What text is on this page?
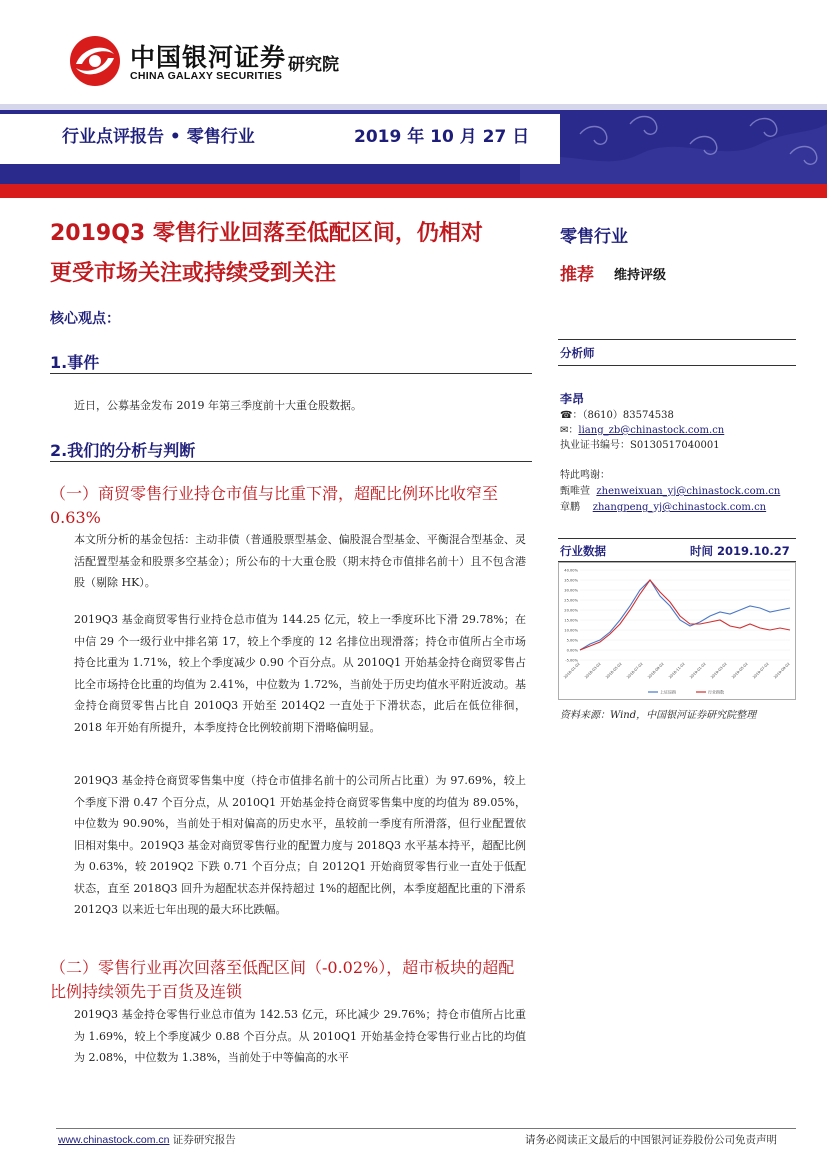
中国银河证券
CHINA GALAXY SECURITIES
研究院
行业点评报告 • 零售行业	2019 年 10 月 27 日
2019Q3 零售行业回落至低配区间，仍相对
更受市场关注或持续受到关注
核心观点：
零售行业
推荐 维持评级
分析师
李昂
☎：（8610）83574538
✉：liang_zb@chinastock.com.cn
执业证书编号：S0130517040001
特此鸣谢：
甄唯萱 zhenweixuan_yj@chinastock.com.cn
章鹏 zhangpeng_yj@chinastock.com.cn
行业数据	时间 2019.10.27
40.00%
35.00%
30.00%
25.00%
20.00%
15.00%
10.00%
5.00%
0.00%
-5.00%
2018-01-02 2018-03-02 2018-05-02 2018-07-02 2018-09-02 2018-11-02 2019-01-02 2019-03-02 2019-05-02 2019-07-02 2019-09-02
上证综指	行业指数
资料来源：Wind，中国银河证券研究院整理
1.事件
近日，公募基金发布 2019 年第三季度前十大重仓股数据。
2.我们的分析与判断
（一）商贸零售行业持仓市值与比重下滑，超配比例环比收窄至 0.63%
本文所分析的基金包括：主动非债（普通股票型基金、偏股混合型基金、平衡混合型基金、灵活配置型基金和股票多空基金）；所公布的十大重仓股（期末持仓市值排名前十）且不包含港股（剔除 HK）。
2019Q3 基金商贸零售行业持仓总市值为 144.25 亿元，较上一季度环比下滑 29.78%；在中信 29 个一级行业中排名第 17，较上个季度的 12 名排位出现滑落；持仓市值所占全市场持仓比重为 1.71%，较上个季度减少 0.90 个百分点。从 2010Q1 开始基金持仓商贸零售占比全市场持仓比重的均值为 2.41%，中位数为 1.72%，当前处于历史均值水平附近波动。基金持仓商贸零售占比自 2010Q3 开始至 2014Q2 一直处于下滑状态，此后在低位徘徊，2018 年开始有所提升，本季度持仓比例较前期下滑略偏明显。
2019Q3 基金持仓商贸零售集中度（持仓市值排名前十的公司所占比重）为 97.69%，较上个季度下滑 0.47 个百分点，从 2010Q1 开始基金持仓商贸零售集中度的均值为 89.05%，中位数为 90.90%，当前处于相对偏高的历史水平，虽较前一季度有所滑落，但行业配置依旧相对集中。2019Q3 基金对商贸零售行业的配置力度与 2018Q3 水平基本持平，超配比例为 0.63%，较 2019Q2 下跌 0.71 个百分点；自 2012Q1 开始商贸零售行业一直处于低配状态，直至 2018Q3 回升为超配状态并保持超过 1%的超配比例，本季度超配比重的下滑系 2012Q3 以来近七年出现的最大环比跌幅。
（二）零售行业再次回落至低配区间（-0.02%），超市板块的超配比例持续领先于百货及连锁
2019Q3 基金持仓零售行业总市值为 142.53 亿元，环比减少 29.76%；持仓市值所占比重为 1.69%，较上个季度减少 0.88 个百分点。从 2010Q1 开始基金持仓零售行业占比的均值为 2.08%，中位数为 1.38%，当前处于中等偏高的水平
www.chinastock.com.cn 证券研究报告	请务必阅读正文最后的中国银河证券股份公司免责声明
